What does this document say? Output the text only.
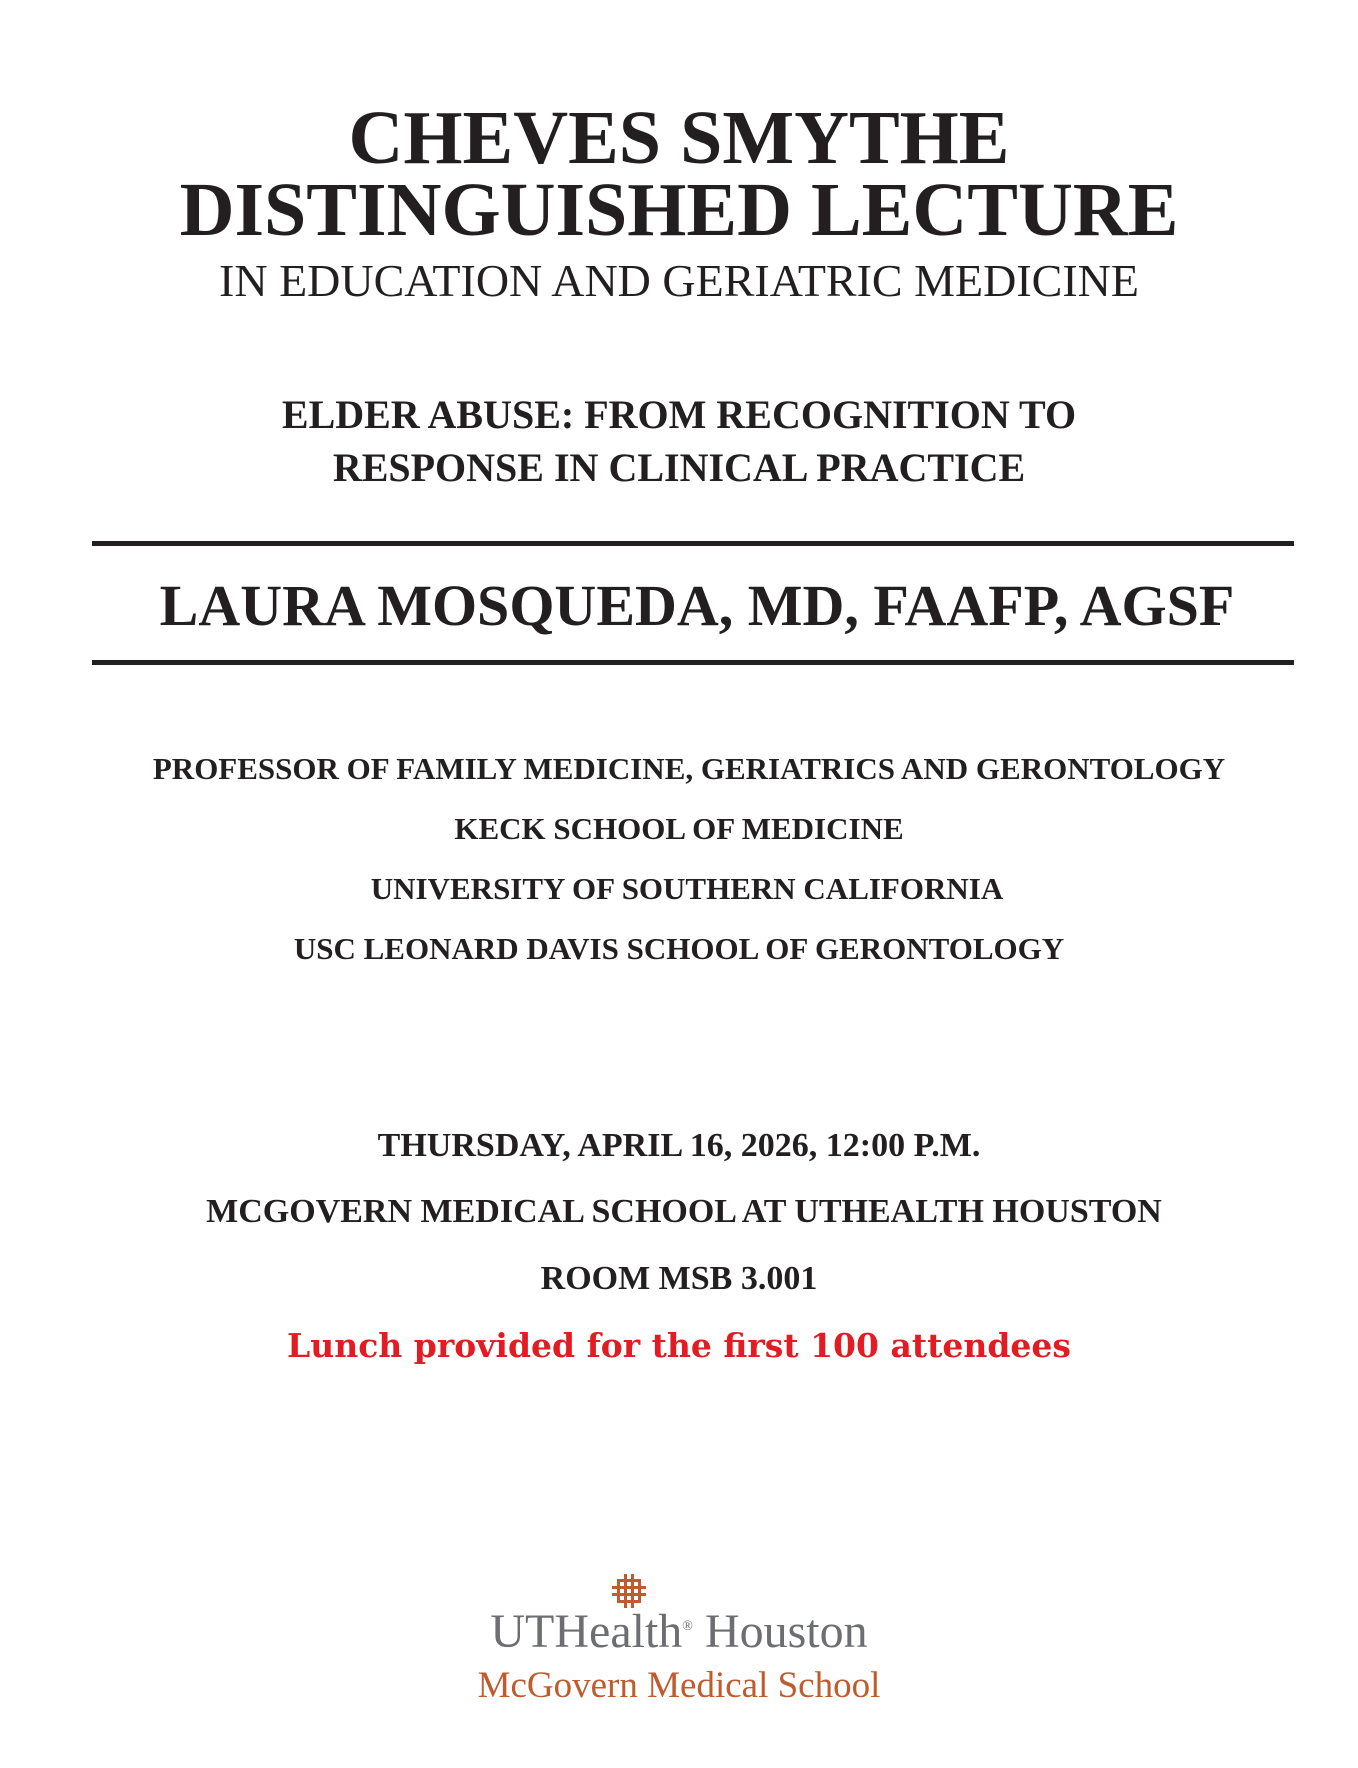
CHEVES SMYTHE
DISTINGUISHED LECTURE
IN EDUCATION AND GERIATRIC MEDICINE
ELDER ABUSE: FROM RECOGNITION TO
RESPONSE IN CLINICAL PRACTICE
LAURA MOSQUEDA, MD, FAAFP, AGSF
PROFESSOR OF FAMILY MEDICINE, GERIATRICS AND GERONTOLOGY
KECK SCHOOL OF MEDICINE
UNIVERSITY OF SOUTHERN CALIFORNIA
USC LEONARD DAVIS SCHOOL OF GERONTOLOGY
THURSDAY, APRIL 16, 2026, 12:00 P.M.
MCGOVERN MEDICAL SCHOOL AT UTHEALTH HOUSTON
ROOM MSB 3.001
Lunch provided for the first 100 attendees
UTHealth® Houston
McGovern Medical School
